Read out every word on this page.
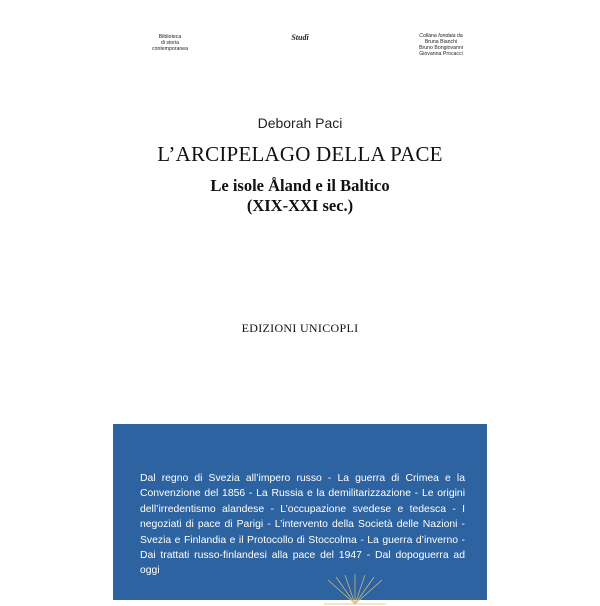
Biblioteca
di storia
contemporanea
Studi	Collana fondata da
Bruna Bianchi
Bruno Bongiovanni
Giovanna Procacci
Deborah Paci
L’ARCIPELAGO DELLA PACE
Le isole Åland e il Baltico
(XIX-XXI sec.)
EDIZIONI UNICOPLI
Dal regno di Svezia all’impero russo - La guerra di Crimea e la Convenzione del 1856 - La Russia e la demilitarizzazione - Le origini dell’irredentismo alandese - L’occupazione svedese e tedesca - I negoziati di pace di Parigi - L’intervento della Società delle Nazioni - Svezia e Finlandia e il Protocollo di Stoccolma - La guerra d’inverno - Dai trattati russo-finlandesi alla pace del 1947 - Dal dopoguerra ad oggi
